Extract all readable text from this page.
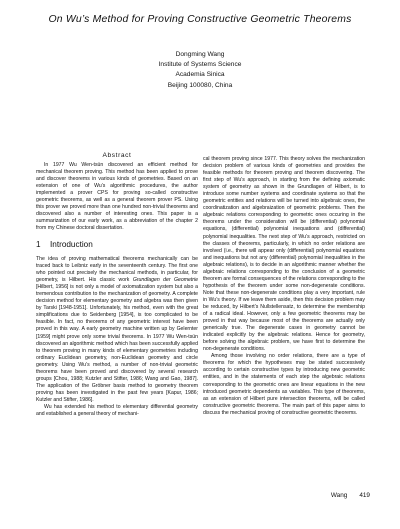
On Wu’s Method for Proving Constructive Geometric Theorems
Dongming Wang
Institute of Systems Science
Academia Sinica
Beijing 100080, China
Abstract

In 1977 Wu Wen-tsün discovered an efficient method for mechanical theorem proving. This method has been applied to prove and discover theorems in various kinds of geometries. Based on an extension of one of Wu’s algorithmic procedures, the author implemented a prover CPS for proving so-called constructive geometric theorems, as well as a general theorem prover PS. Using this prover we proved more than one hundred non-trivial theorems and discovered also a number of interesting ones. This paper is a summarization of our early work, as a abbreviation of the chapter 2 from my Chinese doctoral dissertation.

1 Introduction

The idea of proving mathematical theorems mechanically can be traced back to Leibniz early in the seventeenth century. The first one who pointed out precisely the mechanical methods, in particular, for geometry, is Hilbert. His classic work Grundlagen der Geometrie [Hilbert, 1956] is not only a model of axiomatization system but also a tremendous contribution to the mechanization of geometry. A complete decision method for elementary geometry and algebra was then given by Tarski [1948-1951]. Unfortunately, his method, even with the great simplifications due to Seidenberg [1954], is too complicated to be feasible. In fact, no theorems of any geometric interest have been proved in this way. A early geometry machine written up by Gelernter [1959] might prove only some trivial theorems. In 1977 Wu Wen-tsün discovered an algorithmic method which has been successfully applied to theorem proving in many kinds of elementary geometries including ordinary Euclidean geometry, non-Euclidean geometry and circle geometry. Using Wu’s method, a number of non-trivial geometric theorems have been proved and discovered by several research groups [Chou, 1988; Kutzler and Stifter, 1986; Wang and Gao, 1987]. The application of the Gröbner basis method to geometry theorem proving has been investigated in the past few years [Kapur, 1986; Kutzler and Stifter, 1986].

Wu has extended his method to elementary differential geometry and established a general theory of mechani-

cal theorem proving since 1977. This theory solves the mechanization decision problem of various kinds of geometries and provides the feasible methods for theorem proving and theorem discovering. The first step of Wu’s approach, in starting from the defining axiomatic system of geometry as shown in the Grundlagen of Hilbert, is to introduce some number systems and coordinate systems so that the geometric entities and relations will be turned into algebraic ones, the coordinatization and algebraization of geometric problems. Then the algebraic relations corresponding to geometric ones occuring in the theorems under the consideration will be (differential) polynomial equations, (differential) polynomial inequations and (differential) polynomial inequalities. The next step of Wu’s approach, restricted on the classes of theorems, particularly, in which no order relations are involved (i.e., there will appear only (differential) polynomial equations and inequations but not any (differential) polynomial inequalities in the algebraic relations), is to decide in an algorithmic manner whether the algebraic relations corresponding to the conclusion of a geometric theorem are formal consequences of the relations corresponding to the hypothesis of the theorem under some non-degenerate conditions. Note that these non-degenerate conditions play a very important, rule in Wu’s theory. If we leave them aside, then this decision problem may be reduced, by Hilbert’s Nullstellensatz, to determine the membership of a radical ideal. However, only a few geometric theorems may be proved in that way because most of the theorems are actually only generically true. The degenerate cases in geometry cannot be indicated explicitly by the algebraic relations. Hence for geometry, before solving the algebraic problem, we have first to determine the non-degenerate conditions.

Among those involving no order relations, there are a type of theorems for which the hypotheses may be stated successively according to certain constructive types by introducing new geometric entities, and in the statements of each step the algebraic relations corresponding to the geometric ones are linear equations in the new introduced geometric dependents as variables. This type of theorems, as an extension of Hilbert pure intersection theorems, will be called constructive geometric theorems. The main part of this paper aims to discuss the mechanical proving of constructive geometric theorems.

Wang 419
